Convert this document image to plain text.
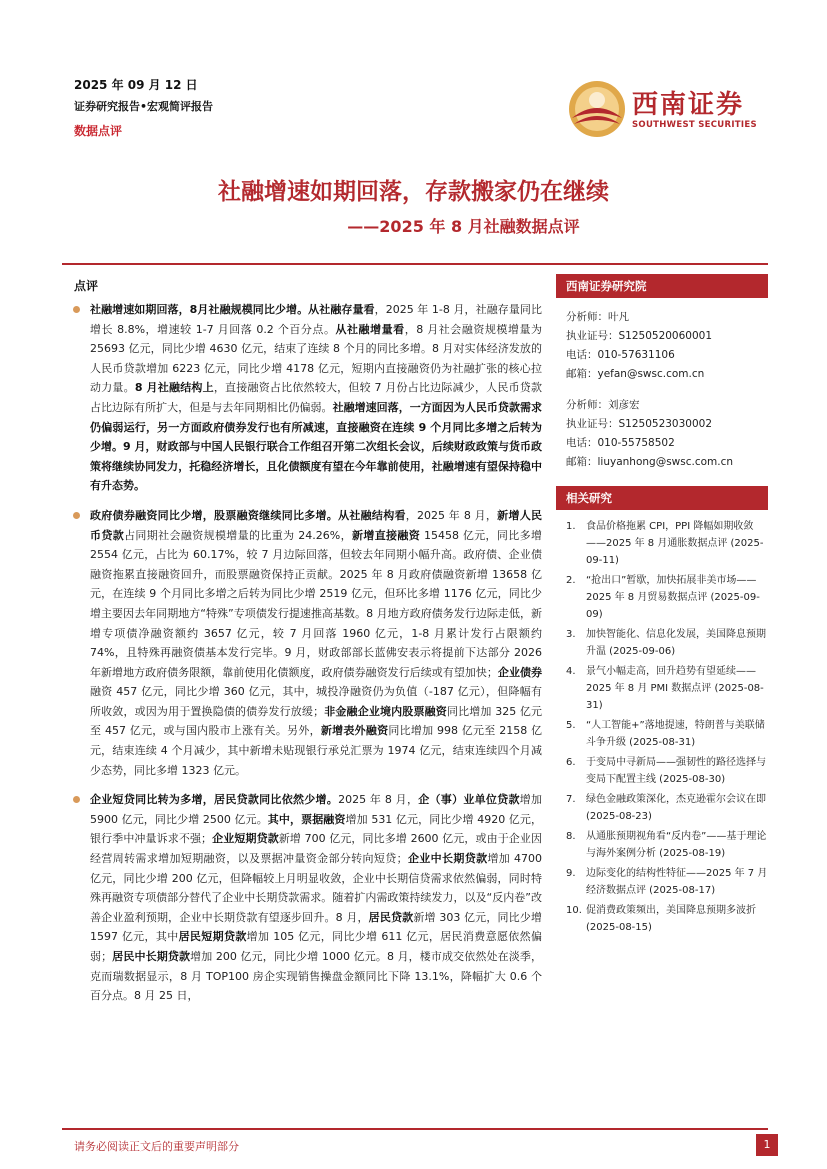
2025 年 09 月 12 日
证券研究报告•宏观简评报告
数据点评
西南证券
SOUTHWEST SECURITIES
社融增速如期回落，存款搬家仍在继续
——2025 年 8 月社融数据点评
点评
社融增速如期回落，8月社融规模同比少增。从社融存量看，2025 年 1-8 月，社融存量同比增长 8.8%，增速较 1-7 月回落 0.2 个百分点。从社融增量看，8 月社会融资规模增量为 25693 亿元，同比少增 4630 亿元，结束了连续 8 个月的同比多增。8 月对实体经济发放的人民币贷款增加 6223 亿元，同比少增 4178 亿元，短期内直接融资仍为社融扩张的核心拉动力量。8 月社融结构上，直接融资占比依然较大，但较 7 月份占比边际减少，人民币贷款占比边际有所扩大，但是与去年同期相比仍偏弱。社融增速回落，一方面因为人民币贷款需求仍偏弱运行，另一方面政府债券发行也有所减速，直接融资在连续 9 个月同比多增之后转为少增。9 月，财政部与中国人民银行联合工作组召开第二次组长会议，后续财政政策与货币政策将继续协同发力，托稳经济增长，且化债额度有望在今年靠前使用，社融增速有望保持稳中有升态势。
政府债券融资同比少增，股票融资继续同比多增。从社融结构看，2025 年 8 月，新增人民币贷款占同期社会融资规模增量的比重为 24.26%，新增直接融资 15458 亿元，同比多增 2554 亿元，占比为 60.17%，较 7 月边际回落，但较去年同期小幅升高。政府债、企业债融资拖累直接融资回升，而股票融资保持正贡献。2025 年 8 月政府债融资新增 13658 亿元，在连续 9 个月同比多增之后转为同比少增 2519 亿元，但环比多增 1176 亿元，同比少增主要因去年同期地方“特殊”专项债发行提速推高基数。8 月地方政府债务发行边际走低，新增专项债净融资额约 3657 亿元，较 7 月回落 1960 亿元，1-8 月累计发行占限额约 74%，且特殊再融资债基本发行完毕。9 月，财政部部长蓝佛安表示将提前下达部分 2026 年新增地方政府债务限额，靠前使用化债额度，政府债券融资发行后续或有望加快；企业债券融资 457 亿元，同比少增 360 亿元，其中，城投净融资仍为负值（-187 亿元），但降幅有所收敛，或因为用于置换隐债的债券发行放缓；非金融企业境内股票融资同比增加 325 亿元至 457 亿元，或与国内股市上涨有关。另外，新增表外融资同比增加 998 亿元至 2158 亿元，结束连续 4 个月减少，其中新增未贴现银行承兑汇票为 1974 亿元，结束连续四个月减少态势，同比多增 1323 亿元。
企业短贷同比转为多增，居民贷款同比依然少增。2025 年 8 月，企（事）业单位贷款增加 5900 亿元，同比少增 2500 亿元。其中，票据融资增加 531 亿元，同比少增 4920 亿元，银行季中冲量诉求不强；企业短期贷款新增 700 亿元，同比多增 2600 亿元，或由于企业因经营周转需求增加短期融资，以及票据冲量资金部分转向短贷；企业中长期贷款增加 4700 亿元，同比少增 200 亿元，但降幅较上月明显收敛，企业中长期信贷需求依然偏弱，同时特殊再融资专项债部分替代了企业中长期贷款需求。随着扩内需政策持续发力，以及“反内卷”改善企业盈利预期，企业中长期贷款有望逐步回升。8 月，居民贷款新增 303 亿元，同比少增 1597 亿元，其中居民短期贷款增加 105 亿元，同比少增 611 亿元，居民消费意愿依然偏弱；居民中长期贷款增加 200 亿元，同比少增 1000 亿元。8 月，楼市成交依然处在淡季，克而瑞数据显示，8 月 TOP100 房企实现销售操盘金额同比下降 13.1%，降幅扩大 0.6 个百分点。8 月 25 日，
西南证券研究院
分析师：叶凡
执业证号：S1250520060001
电话：010-57631106
邮箱：yefan@swsc.com.cn
分析师：刘彦宏
执业证号：S1250523030002
电话：010-55758502
邮箱：liuyanhong@swsc.com.cn
相关研究
1. 食品价格拖累 CPI，PPI 降幅如期收敛——2025 年 8 月通胀数据点评 (2025-09-11)
2. “抢出口”暂歇，加快拓展非美市场——2025 年 8 月贸易数据点评 (2025-09-09)
3. 加快智能化、信息化发展，美国降息预期升温 (2025-09-06)
4. 景气小幅走高，回升趋势有望延续——2025 年 8 月 PMI 数据点评 (2025-08-31)
5. “人工智能+”落地提速，特朗普与美联储斗争升级 (2025-08-31)
6. 于变局中寻新局——强韧性的路径选择与变局下配置主线 (2025-08-30)
7. 绿色金融政策深化，杰克逊霍尔会议在即 (2025-08-23)
8. 从通胀预期视角看“反内卷”——基于理论与海外案例分析 (2025-08-19)
9. 边际变化的结构性特征——2025 年 7 月经济数据点评 (2025-08-17)
10. 促消费政策频出，美国降息预期多波折 (2025-08-15)
请务必阅读正文后的重要声明部分	1
